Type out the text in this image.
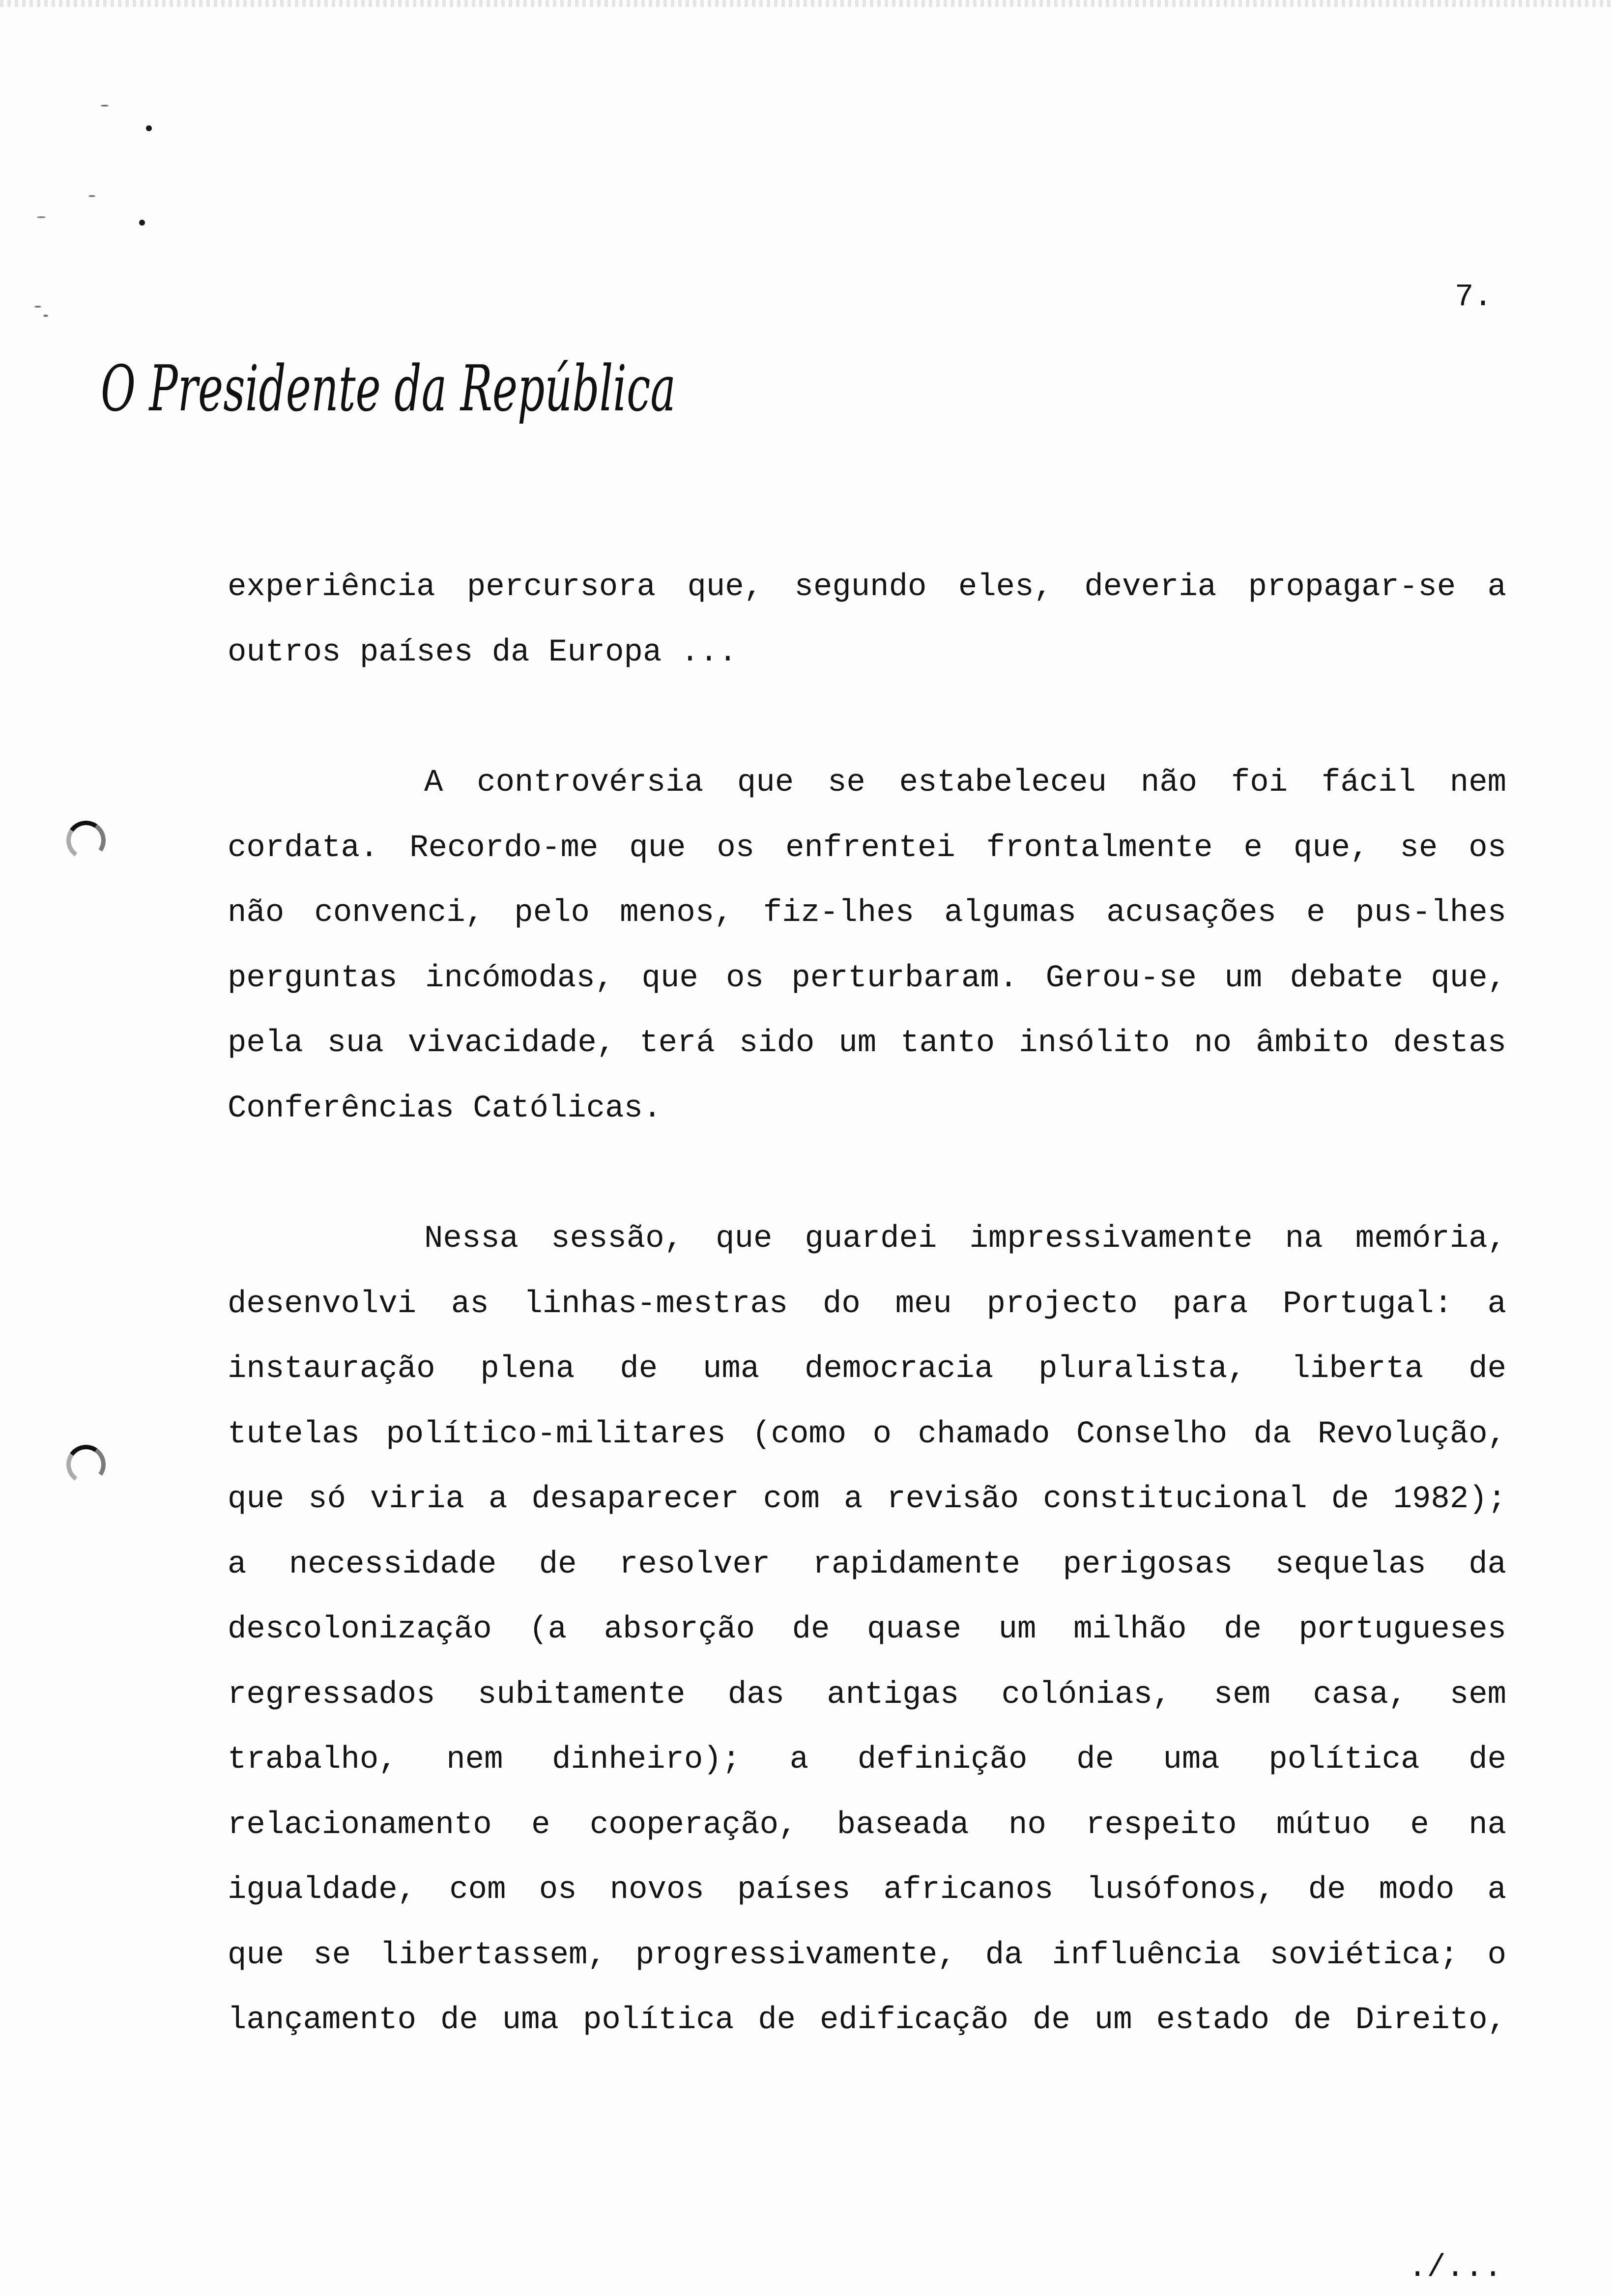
7.
O Presidente da República
experiência percursora que, segundo eles, deveria propagar-se a
outros países da Europa ...
A controvérsia que se estabeleceu não foi fácil nem
cordata. Recordo-me que os enfrentei frontalmente e que, se os
não convenci, pelo menos, fiz-lhes algumas acusações e pus-lhes
perguntas incómodas, que os perturbaram. Gerou-se um debate que,
pela sua vivacidade, terá sido um tanto insólito no âmbito destas
Conferências Católicas.
Nessa sessão, que guardei impressivamente na memória,
desenvolvi as linhas-mestras do meu projecto para Portugal: a
instauração plena de uma democracia pluralista, liberta de
tutelas político-militares (como o chamado Conselho da Revolução,
que só viria a desaparecer com a revisão constitucional de 1982);
a necessidade de resolver rapidamente perigosas sequelas da
descolonização (a absorção de quase um milhão de portugueses
regressados subitamente das antigas colónias, sem casa, sem
trabalho, nem dinheiro); a definição de uma política de
relacionamento e cooperação, baseada no respeito mútuo e na
igualdade, com os novos países africanos lusófonos, de modo a
que se libertassem, progressivamente, da influência soviética; o
lançamento de uma política de edificação de um estado de Direito,
./...
